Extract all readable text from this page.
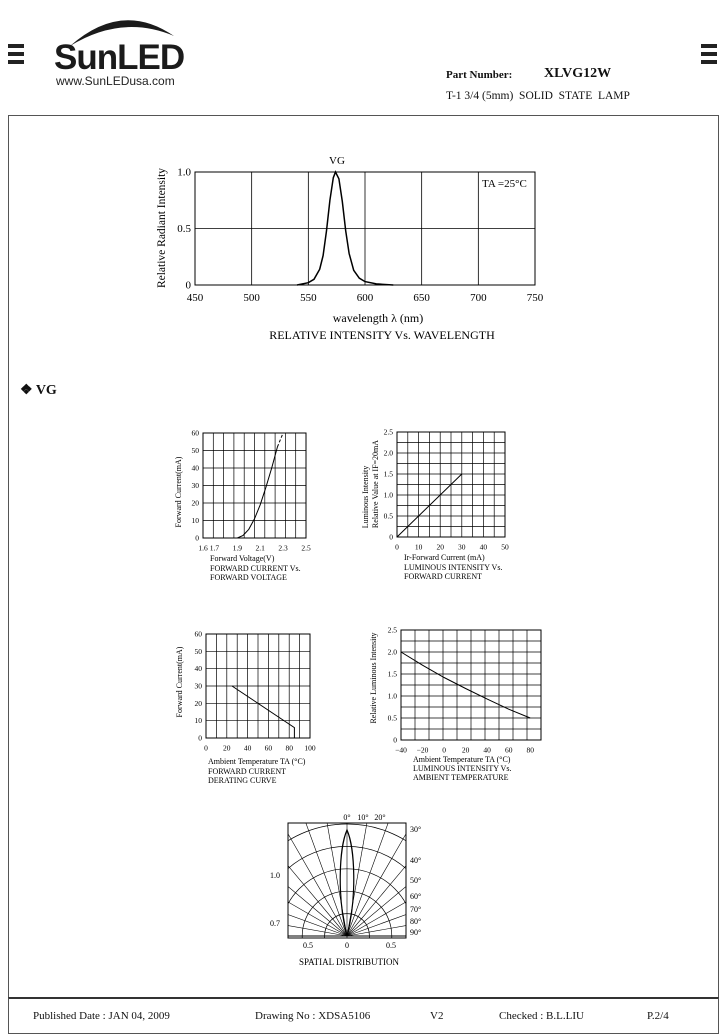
SunLED
www.SunLEDusa.com	Part Number: XLVG12W
T-1 3/4 (5mm)  SOLID  STATE  LAMP
450	500	550	600	650	700	750
0
0.5
1.0
VG
TA =25°C
Relative Radiant Intensity
wavelength λ (nm)
RELATIVE INTENSITY Vs. WAVELENGTH
❖ VG
1.6 1.7 1.9 2.1 2.3 2.5
0
10
20
30
40
50
60
Forward Current(mA)
Forward Voltage(V)
FORWARD CURRENT Vs. FORWARD VOLTAGE
0 10 20 30 40 50
0
0.5
1.0
1.5
2.0
2.5
Luminous Intensity Relative Value at IF=20mA
Ir-Forward Current (mA)
LUMINOUS INTENSITY Vs. FORWARD CURRENT
0 20 40 60 80 100
0
10
20
30
40
50
60
Forward Current(mA)
Ambient Temperature TA (°C)
FORWARD CURRENT DERATING CURVE
−40 −20 0 20 40 60 80
0
0.5
1.0
1.5
2.0
2.5
Relative Luminous Intensity
Ambient Temperature TA (°C)
LUMINOUS INTENSITY Vs. AMBIENT TEMPERATURE
0° 10° 20°
30°
40°
50°
60°
70°
80°
90°
1.0
0.7
0.5	0	0.5
SPATIAL DISTRIBUTION
Published Date : JAN 04, 2009	Drawing No : XDSA5106	V2	Checked : B.L.LIU	P.2/4
